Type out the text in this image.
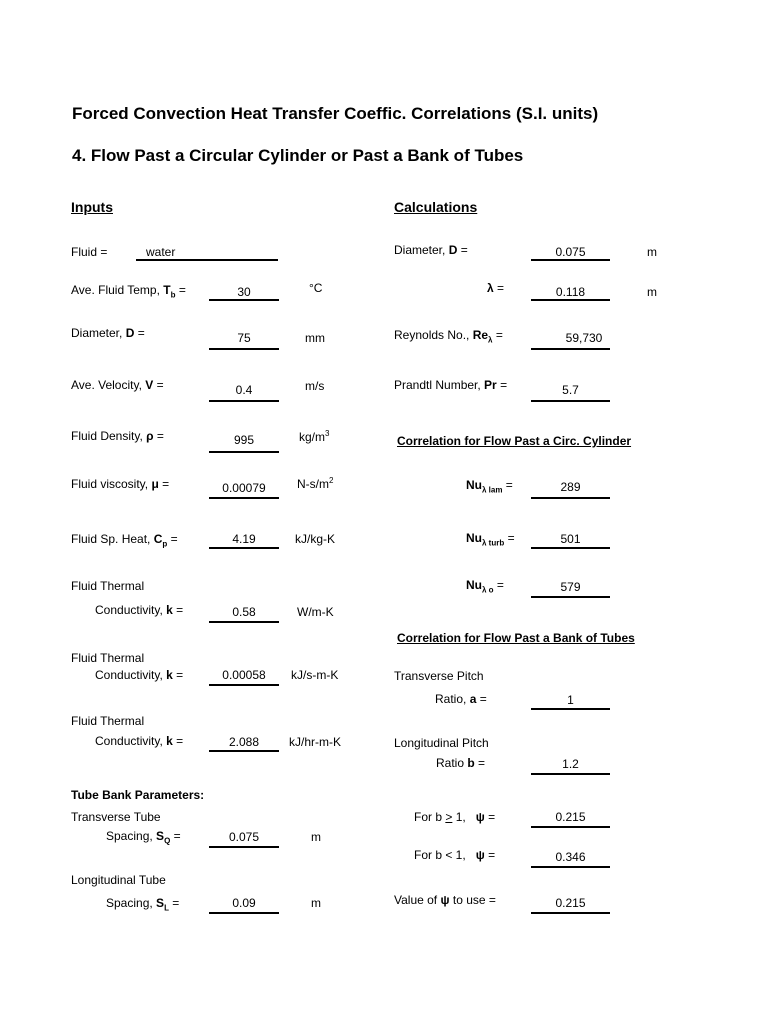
Forced Convection Heat Transfer Coeffic. Correlations (S.I. units)
4. Flow Past a Circular Cylinder or Past a Bank of Tubes
Inputs	Calculations
Fluid =	water
Ave. Fluid Temp, $T_b$ =	30	°C
Diameter, D =	75	mm
Ave. Velocity, V =	0.4	m/s
Fluid Density, ρ =	995	$kg/m^3$
Fluid viscosity, μ =	0.00079	$N-s/m^2$
Fluid Sp. Heat, $C_p$ =	4.19	kJ/kg-K
Fluid Thermal
Conductivity, k =	0.58	W/m-K
Fluid Thermal
Conductivity, k =	0.00058	kJ/s-m-K
Fluid Thermal
Conductivity, k =	2.088	kJ/hr-m-K
Tube Bank Parameters:
Transverse Tube
Spacing, $S_Q$ =	0.075	m
Longitudinal Tube
Spacing, $S_L$ =	0.09	m
Diameter, D =	0.075	m
λ =	0.118	m
Reynolds No., $Re_\lambda$ =	59,730
Prandtl Number, Pr =	5.7
Correlation for Flow Past a Circ. Cylinder
$Nu_{\lambda lam}$ =	289
$Nu_{\lambda turb}$ =	501
$Nu_{\lambda o}$ =	579
Correlation for Flow Past a Bank of Tubes
Transverse Pitch
Ratio, a =	1
Longitudinal Pitch
Ratio b =	1.2
For b > 1,   ψ =	0.215
For b < 1,   ψ =	0.346
Value of ψ to use =	0.215
